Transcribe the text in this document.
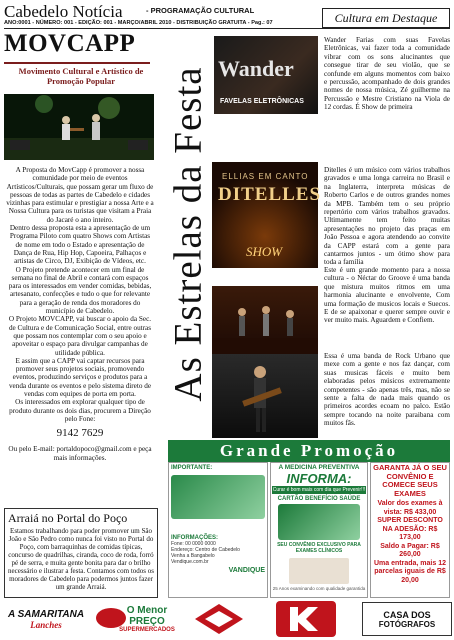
Cabedelo Notícia	- PROGRAMAÇÃO CULTURAL
ANO:0001 - NÚMERO: 001 - EDIÇÃO: 001 - MARÇO/ABRIL 2010 - DISTRIBUIÇÃO GRATUITA - Pag.: 07	Cultura em Destaque
MOVCAPP
Movimento Cultural e Artístico de Promoção Popular

A Proposta do MovCapp é promover a nossa comunidade por meio de eventos Artísticos/Culturais, que possam gerar um fluxo de pessoas de todas as partes de Cabedelo e cidades vizinhas para estimular e prestigiar a nossa Arte e a Nossa Cultura para os turistas que visitam a Praia do Jacaré o ano inteiro.

Dentro dessa proposta esta a apresentação de um Programa Piloto com quatro Shows com Artistas de nome em todo o Estado e apresentação de Dança de Rua, Hip Hop, Capoeira, Palhaços e artistas de Circo, DJ, Exibição de Vídeos, etc.

O Projeto pretende acontecer em um final de semana no final de Abril e contará com espaços para os interessados em vender comidas, bebidas, artesanato, confecções e tudo o que for relevante para a geração de renda dos moradores do município de Cabedelo.

O Projeto MOVCAPP, vai buscar o apoio da Sec. de Cultura e de Comunicação Social, entre outras que possam nos contemplar com o seu apoio e apoveitar o espaço para divulgar campanhas de utilidade pública.

E assim que a CAPP vai captar recursos para promover seus projetos sociais, promovendo eventos, produzindo serviços e produtos para a venda durante os eventos e pelo sistema direto de vendas com equipes de porta em porta.

Os interessados em explorar qualquer tipo de produto durante os dois dias, procurem a Direção pelo Fone:

9142 7629

Ou pelo E-mail: portaldopoco@gmail.com e peça mais informações.

Arraiá no Portal do Poço

Estamos trabalhando para poder promover um São João e São Pedro como nunca foi visto no Portal do Poço, com barraquinhas de comidas típicas, concurso de quadrilhas, ciranda, coco de roda, forró pé de serra, e muita gente bonita para dar o brilho necessário e ilustrar a festa. Contamos com todos os moradores de Cabedelo para podermos juntos fazer um grande Arraiá.

As Estrelas da Festa Wander
FAVELAS ELETRÔNICAS
Wander Farias com suas Favelas Eletrônicas, vai fazer toda a comunidade vibrar com os sons alucinantes que consegue tirar de seu violão, que se confunde em alguns momentos com baixo e percussão, acompanhado de dois grandes nomes de nossa música, Zé guilherme na Percussão e Mestre Cristiano na Viola de 12 cordas. É Show de primeira
ELLIAS EM CANTO
DITELLES
SHOW
Ditelles é um músico com vários trabalhos gravados e uma longa carreira no Brasil e na Inglaterra, interpreta músicas de Roberto Carlos e de outros grandes nomes da MPB. Também tem o seu próprio repertório com vários trabalhos gravados. Ultimamente tem feito muitas apresentações no projeto das praças em João Pessoa e agora atendendo ao convite da CAPP estará com a gente para cantarmos juntos - um ótimo show para toda a família
Este é um grande momento para a nossa cultura - o Néctar do Groove é uma banda que mistura muitos ritmos em uma harmonia alucinante e envolvente, Com uma formação de musicos locais e Suecos. E de se apaixonar e querer sempre ouvir e ver muito mais. Aguardem e Confiem.
Essa é uma banda de Rock Urbano que mexe com a gente e nos faz dançar, com suas musicas fáceis e muito bem elaboradas pelos músicos extremamente competentes - são apenas três, mas, não se sente a falta de nada mais quando os primeiros acordes ecoam no palco. Estão sempre tocando na noite paraibana com muitos fãs.
Grande Promoção
IMPORTANTE:
INFORMAÇÕES:
Fone: 00 0000 0000
Endereço: Centro de Cabedelo
Venha a Bangabelo
Vendique.com.br
VANDIQUE
A MEDICINA PREVENTIVA
INFORMA:
Curar é bom mais com dia que Prevenir!!!
CARTÃO BENEFÍCIO SAÚDE
SEU CONVÊNIO EXCLUSIVO PARA EXAMES CLÍNICOS
25 Anos examinando com qualidade garantida
GARANTA JÁ O SEU CONVÊNIO E COMECE SEUS EXAMES
Valor dos exames à vista: R$ 433,00
SUPER DESCONTO NA ADESÃO: R$ 173,00
Saldo a Pagar: R$ 260,00
Uma entrada, mais 12 parcelas iguais de R$ 20,00
A SAMARITANA
Lanches
O Menor PREÇO
SUPERMERCADOS
CASA DOS
FOTÓGRAFOS
